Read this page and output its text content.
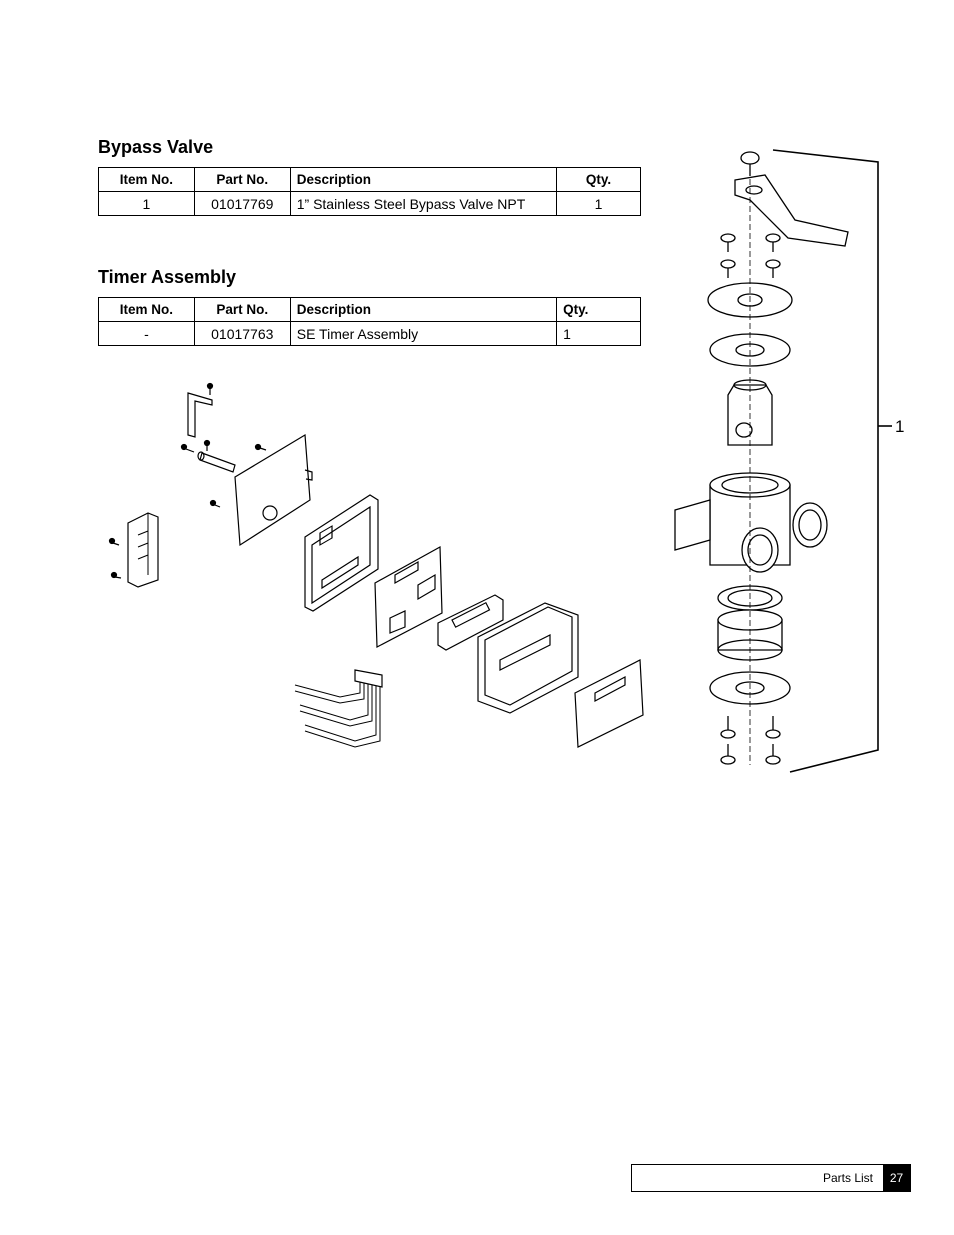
Bypass Valve
Item No.	Part No.	Description	Qty.
1	01017769	1” Stainless Steel Bypass Valve NPT	1
Timer Assembly
Item No.	Part No.	Description	Qty.
-	01017763	SE Timer Assembly	1
1
Parts List	27
